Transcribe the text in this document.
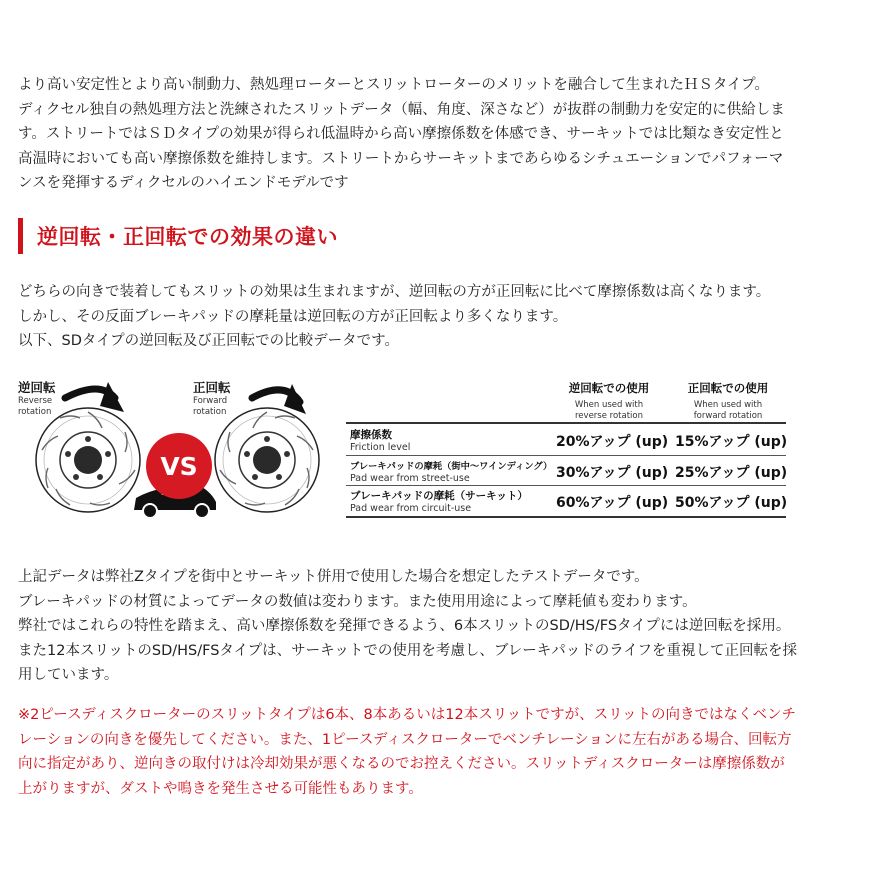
より高い安定性とより高い制動力、熱処理ローターとスリットローターのメリットを融合して生まれたＨＳタイプ。
ディクセル独自の熱処理方法と洗練されたスリットデータ（幅、角度、深さなど）が抜群の制動力を安定的に供給しま
す。ストリートではＳＤタイプの効果が得られ低温時から高い摩擦係数を体感でき、サーキットでは比類なき安定性と
高温時においても高い摩擦係数を維持します。ストリートからサーキットまであらゆるシチュエーションでパフォーマ
ンスを発揮するディクセルのハイエンドモデルです
逆回転・正回転での効果の違い
どちらの向きで装着してもスリットの効果は生まれますが、逆回転の方が正回転に比べて摩擦係数は高くなります。
しかし、その反面ブレーキパッドの摩耗量は逆回転の方が正回転より多くなります。
以下、SDタイプの逆回転及び正回転での比較データです。
逆回転
Reverse
rotation
正回転
Forward
rotation
VS
逆回転での使用
When used with
reverse rotation
正回転での使用
When used with
forward rotation
摩擦係数
Friction level	20%アップ (up) 15%アップ (up)
ブレーキパッドの摩耗（街中～ワインディング）
Pad wear from street-use	30%アップ (up) 25%アップ (up)
ブレーキパッドの摩耗（サーキット）
Pad wear from circuit-use	60%アップ (up) 50%アップ (up)
上記データは弊社Zタイプを街中とサーキット併用で使用した場合を想定したテストデータです。
ブレーキパッドの材質によってデータの数値は変わります。また使用用途によって摩耗値も変わります。
弊社ではこれらの特性を踏まえ、高い摩擦係数を発揮できるよう、6本スリットのSD/HS/FSタイプには逆回転を採用。
また12本スリットのSD/HS/FSタイプは、サーキットでの使用を考慮し、ブレーキパッドのライフを重視して正回転を採
用しています。
※2ピースディスクローターのスリットタイプは6本、8本あるいは12本スリットですが、スリットの向きではなくベンチ
レーションの向きを優先してください。また、1ピースディスクローターでベンチレーションに左右がある場合、回転方
向に指定があり、逆向きの取付けは冷却効果が悪くなるのでお控えください。スリットディスクローターは摩擦係数が
上がりますが、ダストや鳴きを発生させる可能性もあります。
